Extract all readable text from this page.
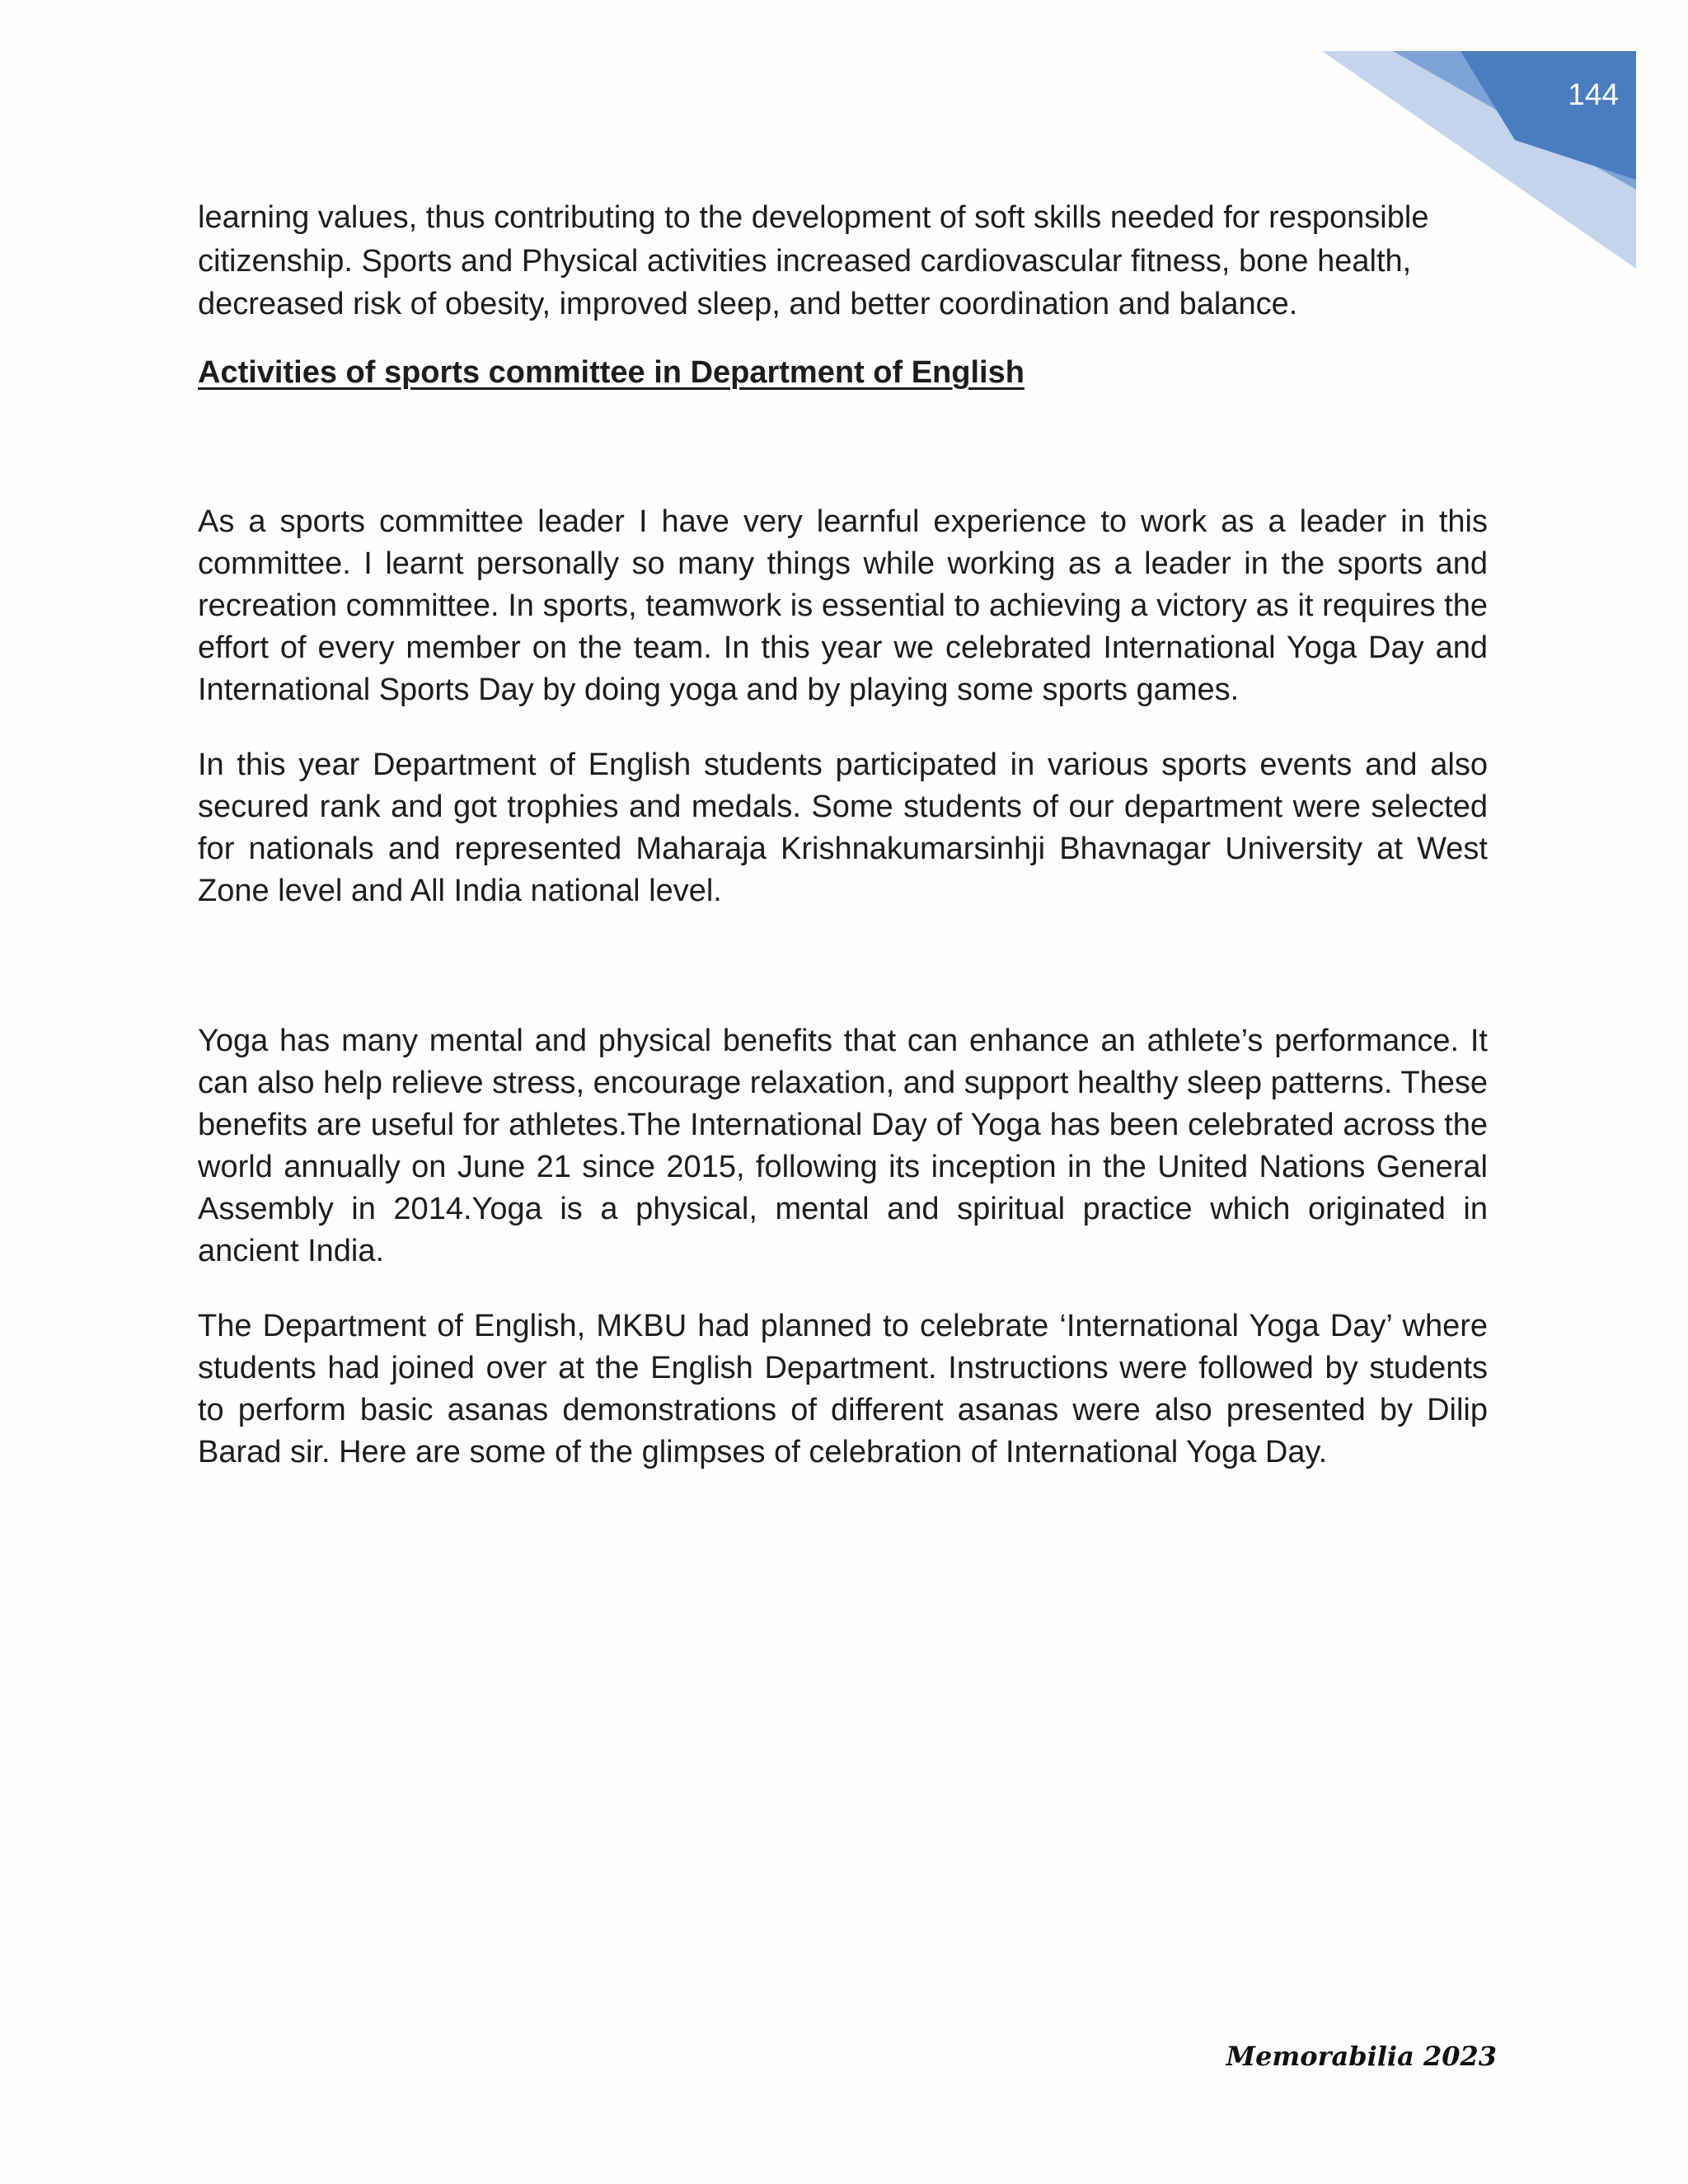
144

learning values, thus contributing to the development of soft skills needed for responsible citizenship. Sports and Physical activities increased cardiovascular fitness, bone health, decreased risk of obesity, improved sleep, and better coordination and balance.

Activities of sports committee in Department of English

As a sports committee leader I have very learnful experience to work as a leader in this committee. I learnt personally so many things while working as a leader in the sports and recreation committee. In sports, teamwork is essential to achieving a victory as it requires the effort of every member on the team. In this year we celebrated International Yoga Day and International Sports Day by doing yoga and by playing some sports games.

In this year Department of English students participated in various sports events and also secured rank and got trophies and medals. Some students of our department were selected for nationals and represented Maharaja Krishnakumarsinhji Bhavnagar University at West Zone level and All India national level.

Yoga has many mental and physical benefits that can enhance an athlete’s performance. It can also help relieve stress, encourage relaxation, and support healthy sleep patterns. These benefits are useful for athletes.The International Day of Yoga has been celebrated across the world annually on June 21 since 2015, following its inception in the United Nations General Assembly in 2014.Yoga is a physical, mental and spiritual practice which originated in ancient India.

The Department of English, MKBU had planned to celebrate ‘International Yoga Day’ where students had joined over at the English Department. Instructions were followed by students to perform basic asanas demonstrations of different asanas were also presented by Dilip Barad sir. Here are some of the glimpses of celebration of International Yoga Day.

Memorabilia 2023
